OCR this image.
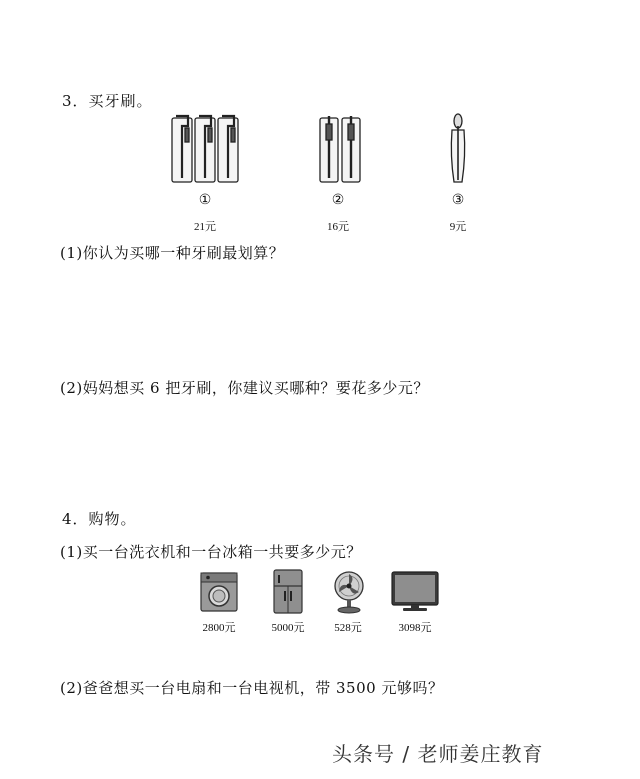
3．买牙刷。
①	②	③
21元	16元	9元
(1)你认为买哪一种牙刷最划算？
(2)妈妈想买 6 把牙刷，你建议买哪种？要花多少元？
4．购物。
(1)买一台洗衣机和一台冰箱一共要多少元？
2800元	5000元	528元	3098元
(2)爸爸想买一台电扇和一台电视机，带 3500 元够吗？
头条号 / 老师姜庄教育
